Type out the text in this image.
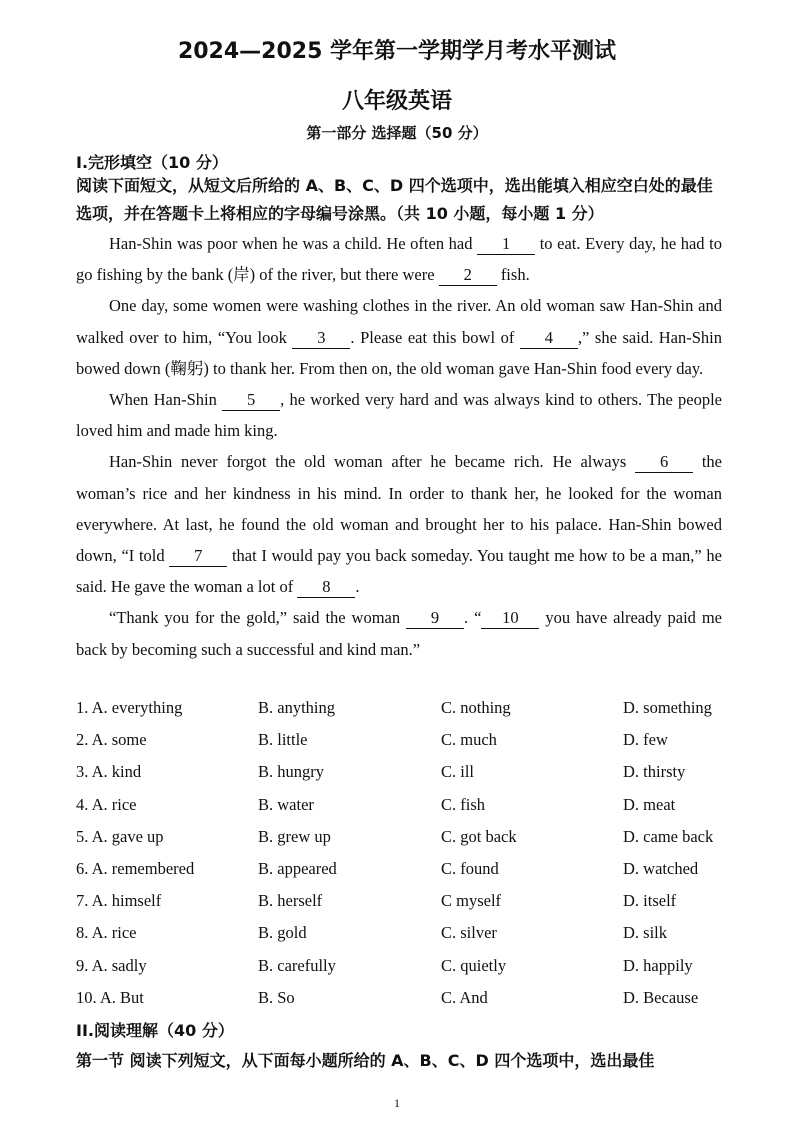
2024—2025 学年第一学期学月考水平测试
八年级英语
第一部分 选择题（50 分）
I.完形填空（10 分）
阅读下面短文，从短文后所给的 A、B、C、D 四个选项中，选出能填入相应空白处的最佳选项，并在答题卡上将相应的字母编号涂黑。（共 10 小题，每小题 1 分）

Han-Shin was poor when he was a child. He often had 1 to eat. Every day, he had to go fishing by the bank (岸) of the river, but there were 2 fish.

One day, some women were washing clothes in the river. An old woman saw Han-Shin and walked over to him, “You look 3 . Please eat this bowl of 4 ,” she said. Han-Shin bowed down (鞠躬) to thank her. From then on, the old woman gave Han-Shin food every day.

When Han-Shin 5 , he worked very hard and was always kind to others. The people loved him and made him king.

Han-Shin never forgot the old woman after he became rich. He always 6 the woman’s rice and her kindness in his mind. In order to thank her, he looked for the woman everywhere. At last, he found the old woman and brought her to his palace. Han-Shin bowed down, “I told 7 that I would pay you back someday. You taught me how to be a man,” he said. He gave the woman a lot of 8 .

“Thank you for the gold,” said the woman 9 . “ 10 you have already paid me back by becoming such a successful and kind man.”

1. A. everything	B. anything	C. nothing	D. something
2. A. some	B. little	C. much	D. few
3. A. kind	B. hungry	C. ill	D. thirsty
4. A. rice	B. water	C. fish	D. meat
5. A. gave up	B. grew up	C. got back	D. came back
6. A. remembered	B. appeared	C. found	D. watched
7. A. himself	B. herself	C myself	D. itself
8. A. rice	B. gold	C. silver	D. silk
9. A. sadly	B. carefully	C. quietly	D. happily
10. A. But	B. So	C. And	D. Because
II.阅读理解（40 分）
第一节 阅读下列短文，从下面每小题所给的 A、B、C、D 四个选项中，选出最佳
1
